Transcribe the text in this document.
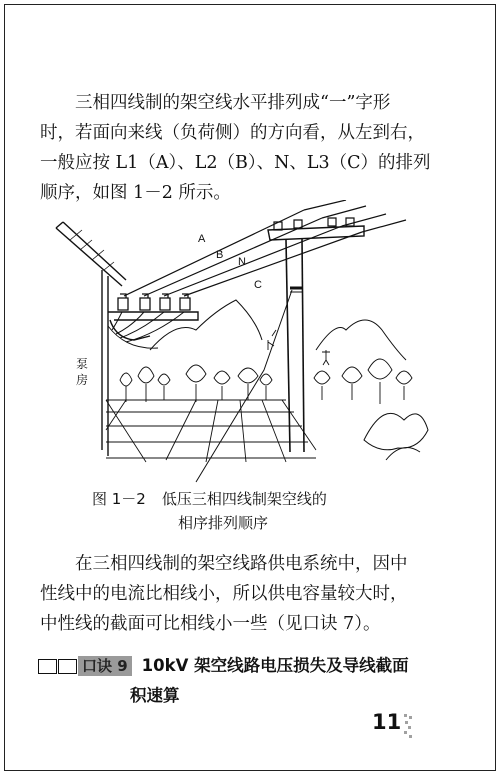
三相四线制的架空线水平排列成“一”字形
时，若面向来线（负荷侧）的方向看，从左到右，
一般应按 L1（A）、L2（B）、N、L3（C）的排列
顺序，如图 1－2 所示。
A
B
N
C
泵
房
图 1－2 低压三相四线制架空线的
相序排列顺序
在三相四线制的架空线路供电系统中，因中
性线中的电流比相线小，所以供电容量较大时，
中性线的截面可比相线小一些（见口诀 7）。
口诀 9 10kV 架空线路电压损失及导线截面
积速算
11
